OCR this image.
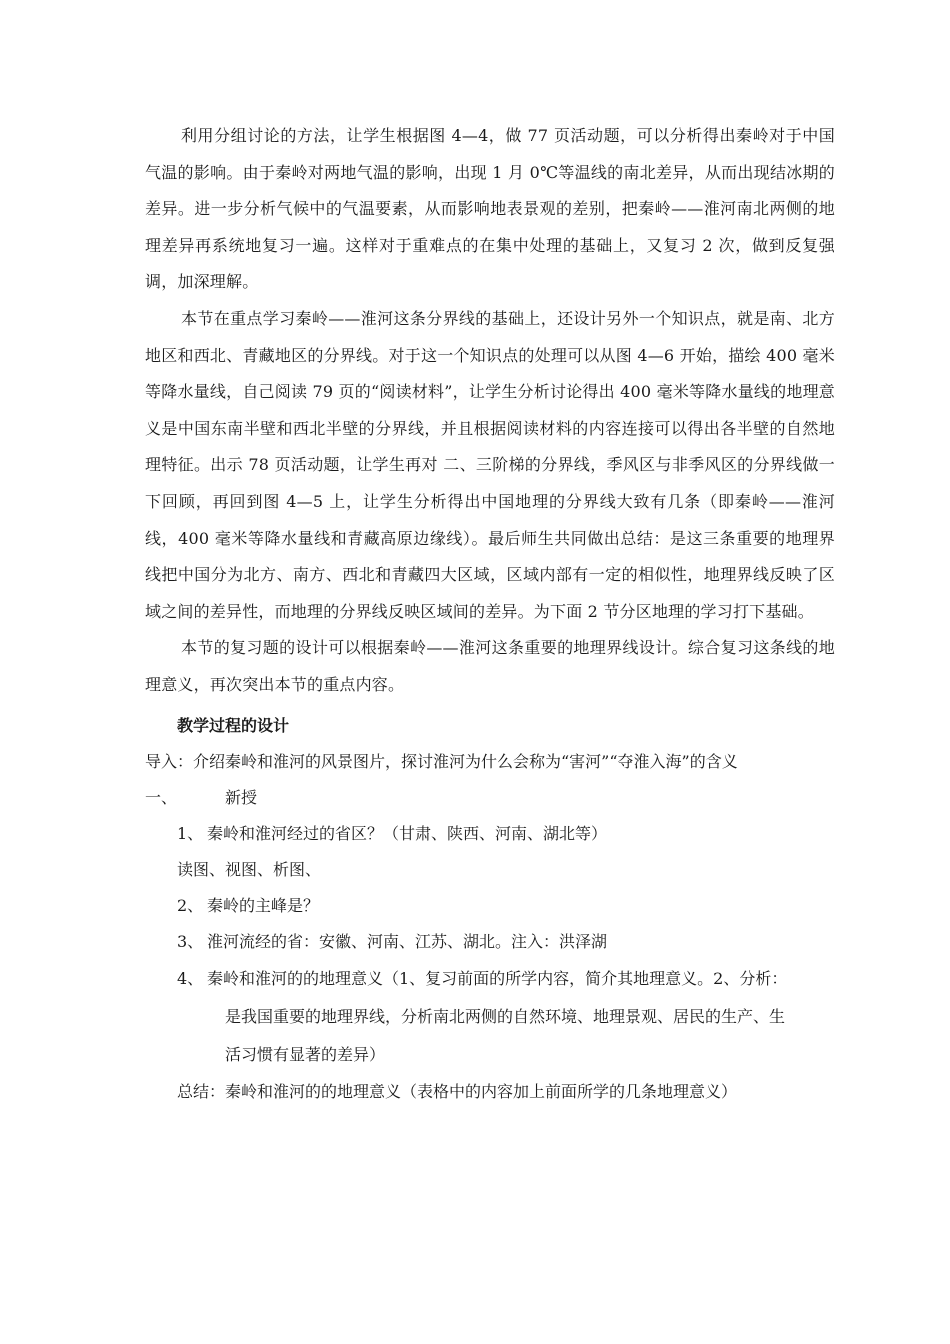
利用分组讨论的方法，让学生根据图 4—4，做 77 页活动题，可以分析得出秦岭对于中国气温的影响。由于秦岭对两地气温的影响，出现 1 月 0℃等温线的南北差异，从而出现结冰期的差异。进一步分析气候中的气温要素，从而影响地表景观的差别，把秦岭——淮河南北两侧的地理差异再系统地复习一遍。这样对于重难点的在集中处理的基础上，又复习 2 次，做到反复强调，加深理解。

本节在重点学习秦岭——淮河这条分界线的基础上，还设计另外一个知识点，就是南、北方地区和西北、青藏地区的分界线。对于这一个知识点的处理可以从图 4—6 开始，描绘 400 毫米等降水量线，自己阅读 79 页的“阅读材料”，让学生分析讨论得出 400 毫米等降水量线的地理意义是中国东南半壁和西北半壁的分界线，并且根据阅读材料的内容连接可以得出各半壁的自然地理特征。出示 78 页活动题，让学生再对 二、三阶梯的分界线，季风区与非季风区的分界线做一下回顾，再回到图 4—5 上，让学生分析得出中国地理的分界线大致有几条（即秦岭——淮河线，400 毫米等降水量线和青藏高原边缘线）。最后师生共同做出总结：是这三条重要的地理界线把中国分为北方、南方、西北和青藏四大区域，区域内部有一定的相似性，地理界线反映了区域之间的差异性，而地理的分界线反映区域间的差异。为下面 2 节分区地理的学习打下基础。

本节的复习题的设计可以根据秦岭——淮河这条重要的地理界线设计。综合复习这条线的地理意义，再次突出本节的重点内容。

教学过程的设计

导入：介绍秦岭和淮河的风景图片，探讨淮河为什么会称为“害河”“夺淮入海”的含义

一、	新授

1、 秦岭和淮河经过的省区？（甘肃、陕西、河南、湖北等）

读图、视图、析图、

2、 秦岭的主峰是？

3、 淮河流经的省：安徽、河南、江苏、湖北。注入：洪泽湖

4、 秦岭和淮河的的地理意义（1、复习前面的所学内容，简介其地理意义。2、分析：
是我国重要的地理界线，分析南北两侧的自然环境、地理景观、居民的生产、生
活习惯有显著的差异）

总结：秦岭和淮河的的地理意义（表格中的内容加上前面所学的几条地理意义）
